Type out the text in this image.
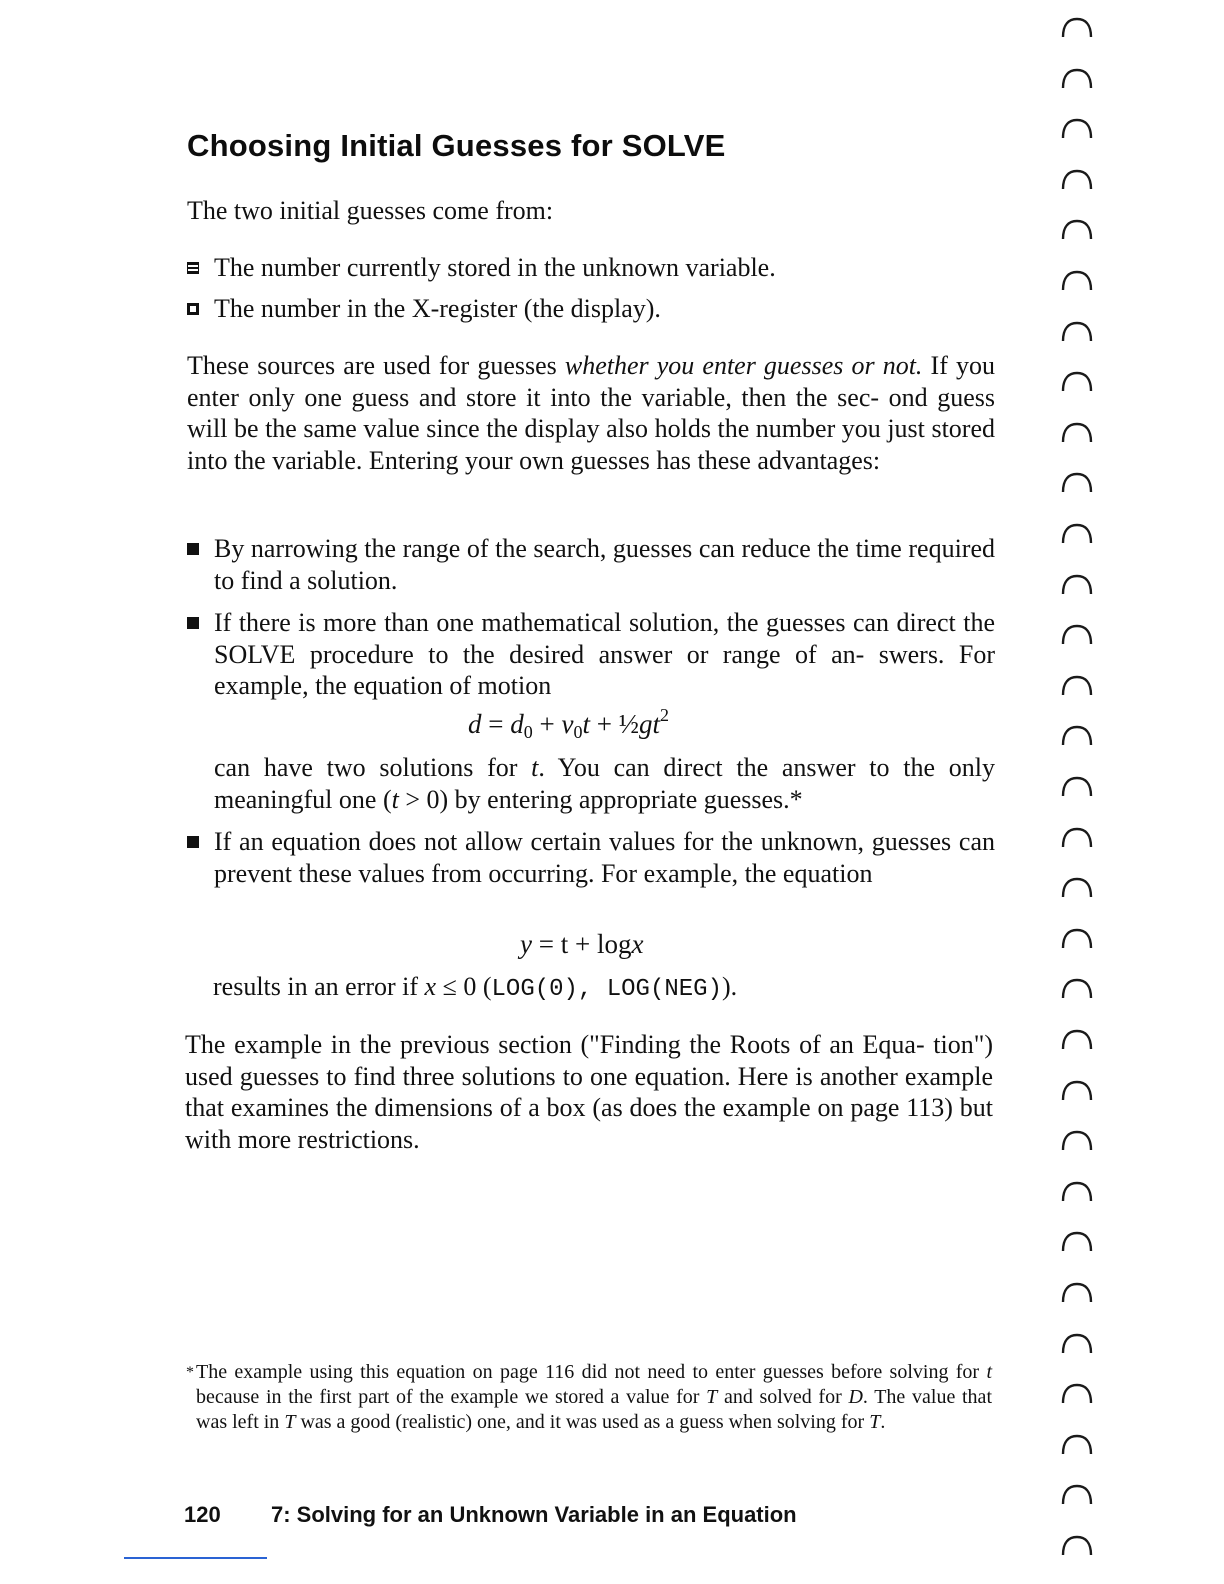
Choosing Initial Guesses for SOLVE

The two initial guesses come from:

The number currently stored in the unknown variable.
The number in the X-register (the display).

These sources are used for guesses whether you enter guesses or not. If you enter only one guess and store it into the variable, then the sec- ond guess will be the same value since the display also holds the number you just stored into the variable. Entering your own guesses has these advantages:

By narrowing the range of the search, guesses can reduce the time required to find a solution.
If there is more than one mathematical solution, the guesses can direct the SOLVE procedure to the desired answer or range of an- swers. For example, the equation of motion
$d = d_0 + v_0t$ + $\frac{1}{2}gt^2$

can have two solutions for t. You can direct the answer to the only meaningful one (t > 0) by entering appropriate guesses.*

If an equation does not allow certain values for the unknown, guesses can prevent these values from occurring. For example, the equation
y = t + logx

results in an error if x ≤ 0 (LOG(0), LOG(NEG)).

The example in the previous section ("Finding the Roots of an Equa- tion") used guesses to find three solutions to one equation. Here is another example that examines the dimensions of a box (as does the example on page 113) but with more restrictions.

* The example using this equation on page 116 did not need to enter guesses before solving for t because in the first part of the example we stored a value for T and solved for D. The value that was left in T was a good (realistic) one, and it was used as a guess when solving for T.

120 7: Solving for an Unknown Variable in an Equation
